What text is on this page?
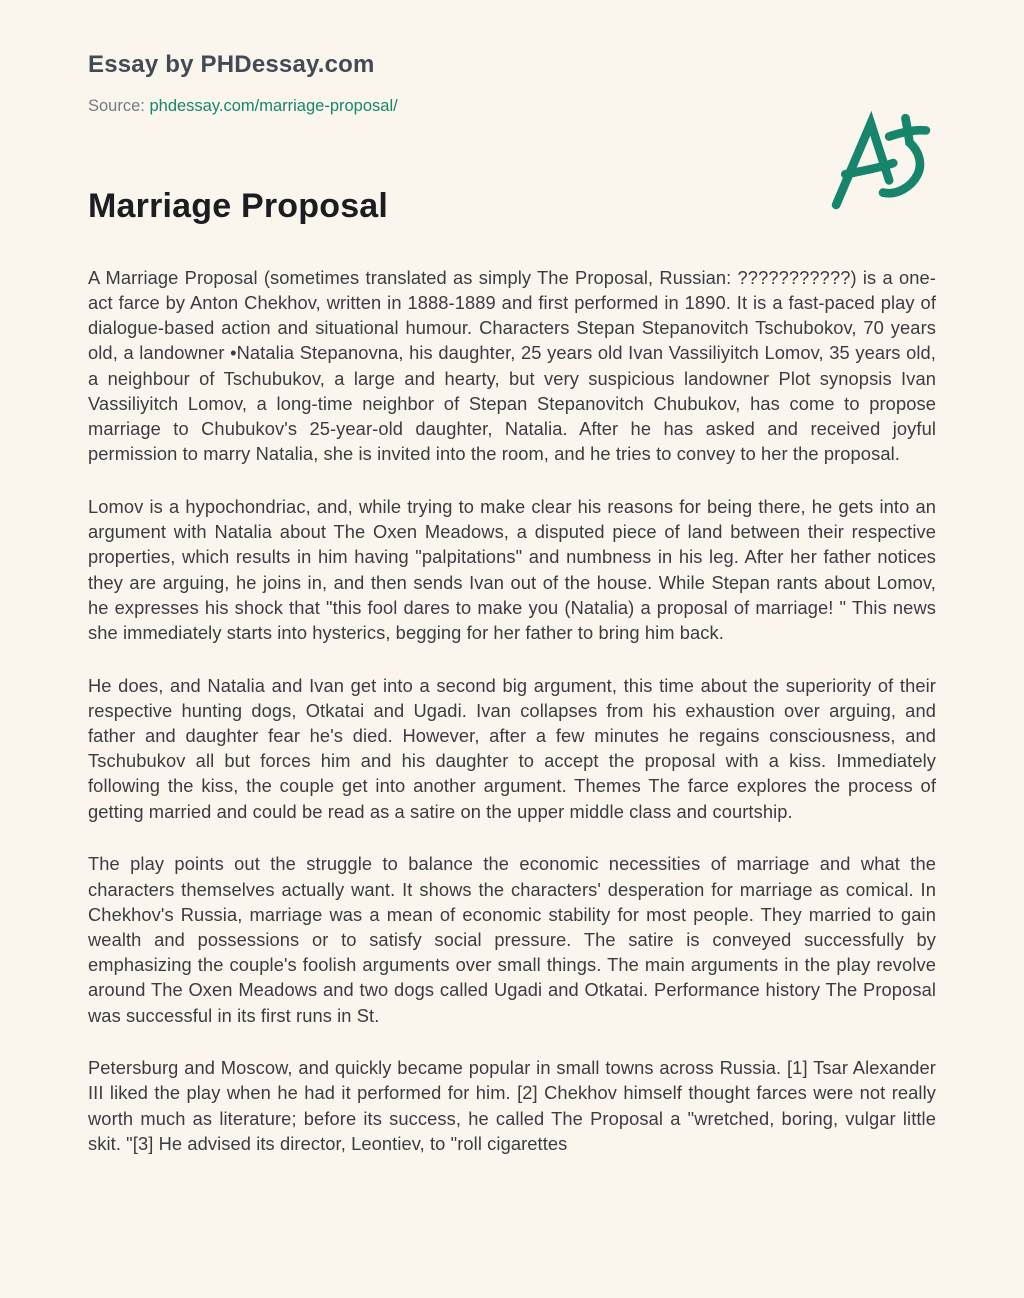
Essay by PHDessay.com
Source: phdessay.com/marriage-proposal/
Marriage Proposal

A Marriage Proposal (sometimes translated as simply The Proposal, Russian: ???????????) is a one-act farce by Anton Chekhov, written in 1888-1889 and first performed in 1890. It is a fast-paced play of dialogue-based action and situational humour. Characters Stepan Stepanovitch Tschubokov, 70 years old, a landowner •Natalia Stepanovna, his daughter, 25 years old Ivan Vassiliyitch Lomov, 35 years old, a neighbour of Tschubukov, a large and hearty, but very suspicious landowner Plot synopsis Ivan Vassiliyitch Lomov, a long-time neighbor of Stepan Stepanovitch Chubukov, has come to propose marriage to Chubukov's 25-year-old daughter, Natalia. After he has asked and received joyful permission to marry Natalia, she is invited into the room, and he tries to convey to her the proposal.

Lomov is a hypochondriac, and, while trying to make clear his reasons for being there, he gets into an argument with Natalia about The Oxen Meadows, a disputed piece of land between their respective properties, which results in him having "palpitations" and numbness in his leg. After her father notices they are arguing, he joins in, and then sends Ivan out of the house. While Stepan rants about Lomov, he expresses his shock that "this fool dares to make you (Natalia) a proposal of marriage! " This news she immediately starts into hysterics, begging for her father to bring him back.

He does, and Natalia and Ivan get into a second big argument, this time about the superiority of their respective hunting dogs, Otkatai and Ugadi. Ivan collapses from his exhaustion over arguing, and father and daughter fear he's died. However, after a few minutes he regains consciousness, and Tschubukov all but forces him and his daughter to accept the proposal with a kiss. Immediately following the kiss, the couple get into another argument. Themes The farce explores the process of getting married and could be read as a satire on the upper middle class and courtship.

The play points out the struggle to balance the economic necessities of marriage and what the characters themselves actually want. It shows the characters' desperation for marriage as comical. In Chekhov's Russia, marriage was a mean of economic stability for most people. They married to gain wealth and possessions or to satisfy social pressure. The satire is conveyed successfully by emphasizing the couple's foolish arguments over small things. The main arguments in the play revolve around The Oxen Meadows and two dogs called Ugadi and Otkatai. Performance history The Proposal was successful in its first runs in St.

Petersburg and Moscow, and quickly became popular in small towns across Russia. [1] Tsar Alexander III liked the play when he had it performed for him. [2] Chekhov himself thought farces were not really worth much as literature; before its success, he called The Proposal a "wretched, boring, vulgar little skit. "[3] He advised its director, Leontiev, to "roll cigarettes
